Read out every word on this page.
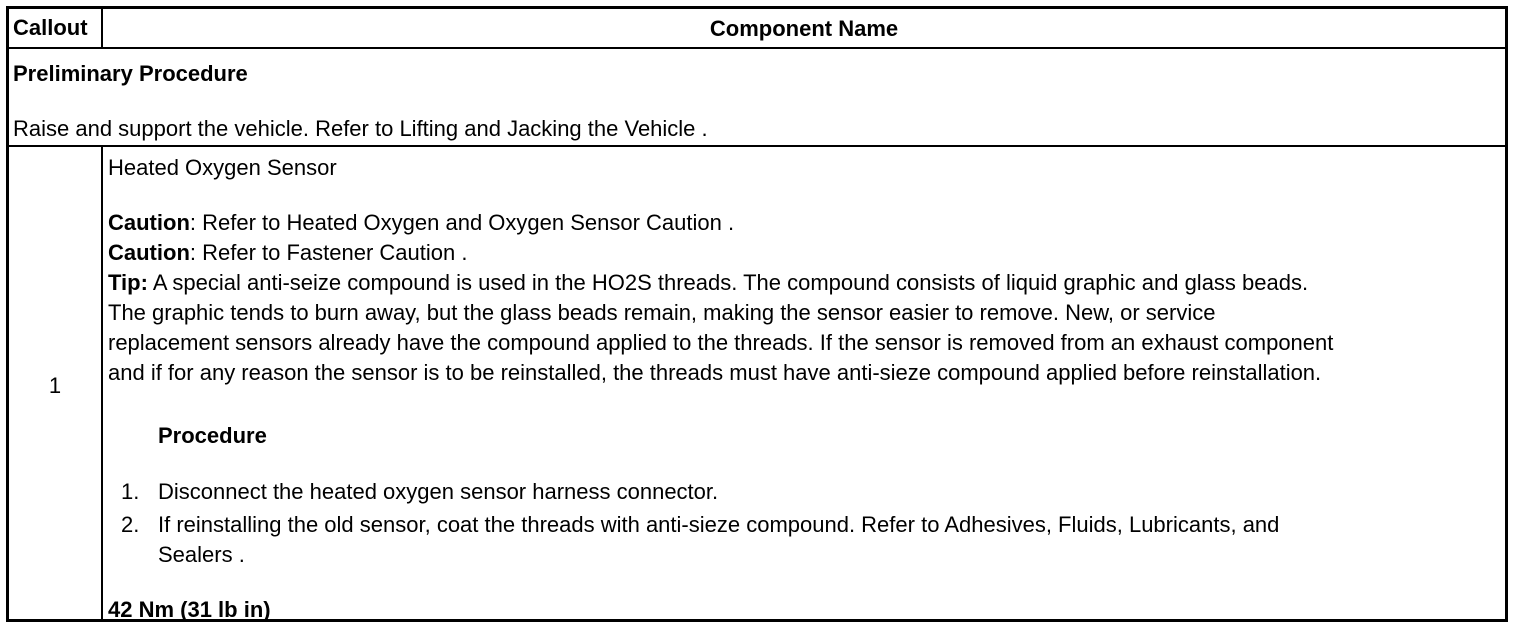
Callout	Component Name
Preliminary Procedure
Raise and support the vehicle. Refer to Lifting and Jacking the Vehicle .
1
Heated Oxygen Sensor
Caution: Refer to Heated Oxygen and Oxygen Sensor Caution .
Caution: Refer to Fastener Caution .
Tip: A special anti-seize compound is used in the HO2S threads. The compound consists of liquid graphic and glass beads.
The graphic tends to burn away, but the glass beads remain, making the sensor easier to remove. New, or service
replacement sensors already have the compound applied to the threads. If the sensor is removed from an exhaust component
and if for any reason the sensor is to be reinstalled, the threads must have anti-sieze compound applied before reinstallation.
Procedure
1. Disconnect the heated oxygen sensor harness connector.
2. If reinstalling the old sensor, coat the threads with anti-sieze compound. Refer to Adhesives, Fluids, Lubricants, and
Sealers .
42 Nm (31 lb in)
